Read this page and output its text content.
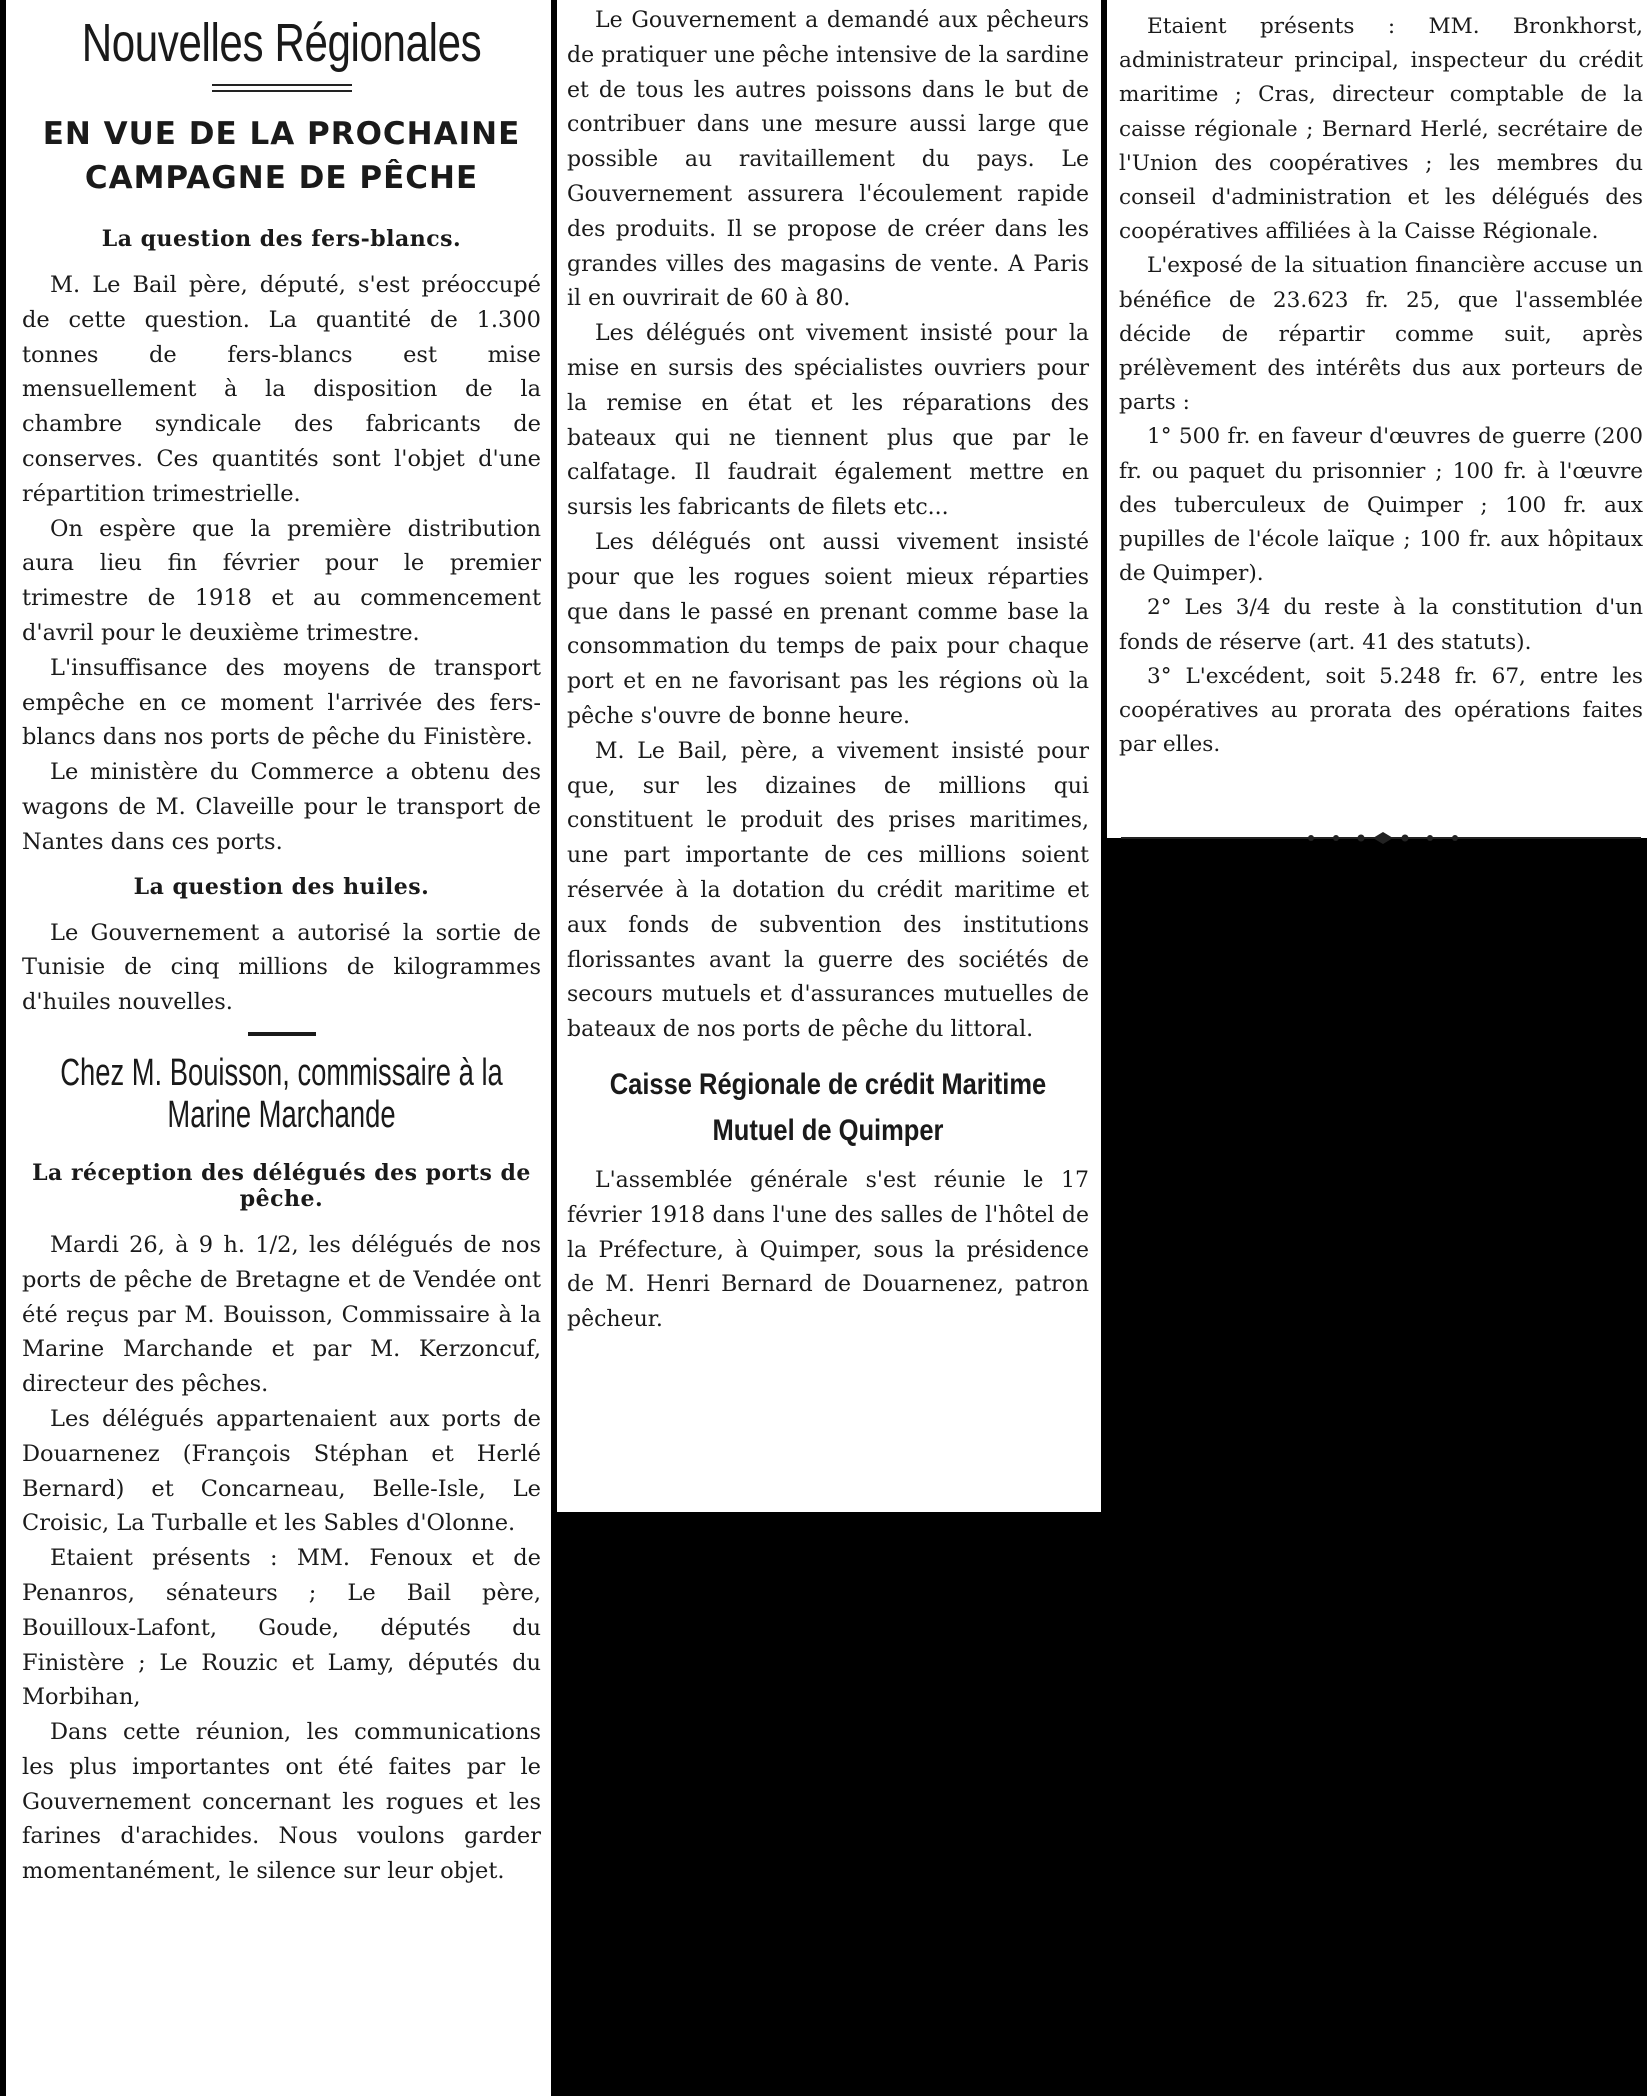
Nouvelles Régionales
EN VUE DE LA PROCHAINE CAMPAGNE DE PÊCHE
La question des fers-blancs.

M. Le Bail père, député, s'est préoccupé de cette question. La quantité de 1.300 tonnes de fers-blancs est mise mensuellement à la disposition de la chambre syndicale des fabricants de conserves. Ces quantités sont l'objet d'une répartition trimestrielle.

On espère que la première distribution aura lieu fin février pour le premier trimestre de 1918 et au commencement d'avril pour le deuxième trimestre.

L'insuffisance des moyens de transport empêche en ce moment l'arrivée des fers-blancs dans nos ports de pêche du Finistère.

Le ministère du Commerce a obtenu des wagons de M. Claveille pour le transport de Nantes dans ces ports.

La question des huiles.

Le Gouvernement a autorisé la sortie de Tunisie de cinq millions de kilogrammes d'huiles nouvelles.

Chez M. Bouisson, commissaire à la Marine Marchande
La réception des délégués des ports de pêche.

Mardi 26, à 9 h. 1/2, les délégués de nos ports de pêche de Bretagne et de Vendée ont été reçus par M. Bouisson, Commissaire à la Marine Marchande et par M. Kerzoncuf, directeur des pêches.

Les délégués appartenaient aux ports de Douarnenez (François Stéphan et Herlé Bernard) et Concarneau, Belle-Isle, Le Croisic, La Turballe et les Sables d'Olonne.

Etaient présents : MM. Fenoux et de Penanros, sénateurs ; Le Bail père, Bouilloux-Lafont, Goude, députés du Finistère ; Le Rouzic et Lamy, députés du Morbihan,

Dans cette réunion, les communications les plus importantes ont été faites par le Gouvernement concernant les rogues et les farines d'arachides. Nous voulons garder momentanément, le silence sur leur objet.

Le Gouvernement a demandé aux pêcheurs de pratiquer une pêche intensive de la sardine et de tous les autres poissons dans le but de contribuer dans une mesure aussi large que possible au ravitaillement du pays. Le Gouvernement assurera l'écoulement rapide des produits. Il se propose de créer dans les grandes villes des magasins de vente. A Paris il en ouvrirait de 60 à 80.

Les délégués ont vivement insisté pour la mise en sursis des spécialistes ouvriers pour la remise en état et les réparations des bateaux qui ne tiennent plus que par le calfatage. Il faudrait également mettre en sursis les fabricants de filets etc...

Les délégués ont aussi vivement insisté pour que les rogues soient mieux réparties que dans le passé en prenant comme base la consommation du temps de paix pour chaque port et en ne favorisant pas les régions où la pêche s'ouvre de bonne heure.

M. Le Bail, père, a vivement insisté pour que, sur les dizaines de millions qui constituent le produit des prises maritimes, une part importante de ces millions soient réservée à la dotation du crédit maritime et aux fonds de subvention des institutions florissantes avant la guerre des sociétés de secours mutuels et d'assurances mutuelles de bateaux de nos ports de pêche du littoral.

Caisse Régionale de crédit Maritime Mutuel de Quimper

L'assemblée générale s'est réunie le 17 février 1918 dans l'une des salles de l'hôtel de la Préfecture, à Quimper, sous la présidence de M. Henri Bernard de Douarnenez, patron pêcheur.

Etaient présents : MM. Bronkhorst, administrateur principal, inspecteur du crédit maritime ; Cras, directeur comptable de la caisse régionale ; Bernard Herlé, secrétaire de l'Union des coopératives ; les membres du conseil d'administration et les délégués des coopératives affiliées à la Caisse Régionale.

L'exposé de la situation financière accuse un bénéfice de 23.623 fr. 25, que l'assemblée décide de répartir comme suit, après prélèvement des intérêts dus aux porteurs de parts :

1° 500 fr. en faveur d'œuvres de guerre (200 fr. ou paquet du prisonnier ; 100 fr. à l'œuvre des tuberculeux de Quimper ; 100 fr. aux pupilles de l'école laïque ; 100 fr. aux hôpitaux de Quimper).

2° Les 3/4 du reste à la constitution d'un fonds de réserve (art. 41 des statuts).

3° L'excédent, soit 5.248 fr. 67, entre les coopératives au prorata des opérations faites par elles.
